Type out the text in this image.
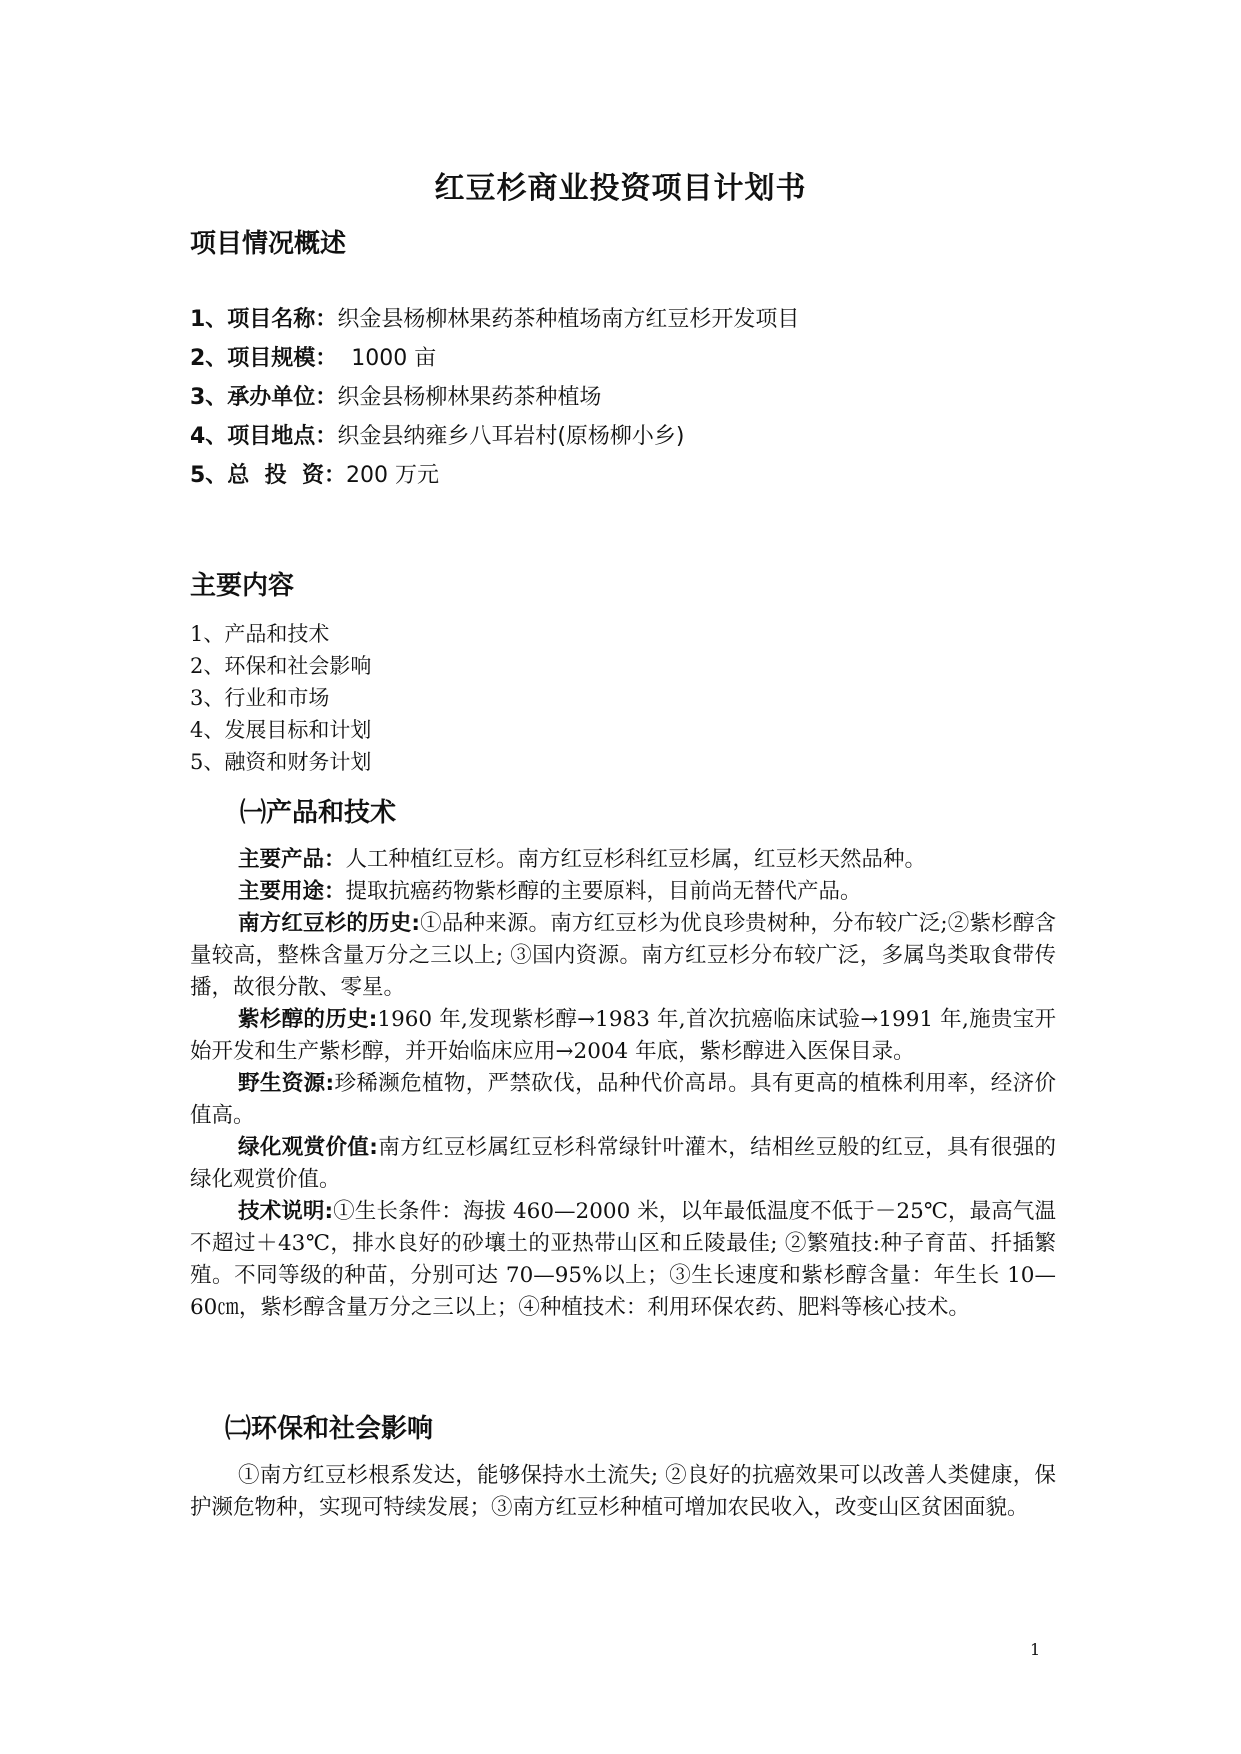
红豆杉商业投资项目计划书
项目情况概述
1、项目名称：织金县杨柳林果药茶种植场南方红豆杉开发项目
2、项目规模：  1000 亩
3、承办单位：织金县杨柳林果药茶种植场
4、项目地点：织金县纳雍乡八耳岩村(原杨柳小乡)
5、总  投  资：200 万元
主要内容
1、产品和技术
2、环保和社会影响
3、行业和市场
4、发展目标和计划
5、融资和财务计划
㈠产品和技术

主要产品：人工种植红豆杉。南方红豆杉科红豆杉属，红豆杉天然品种。

主要用途：提取抗癌药物紫杉醇的主要原料，目前尚无替代产品。

南方红豆杉的历史:①品种来源。南方红豆杉为优良珍贵树种，分布较广泛;②紫杉醇含量较高，整株含量万分之三以上; ③国内资源。南方红豆杉分布较广泛，多属鸟类取食带传播，故很分散、零星。

紫杉醇的历史:1960 年,发现紫杉醇→1983 年,首次抗癌临床试验→1991 年,施贵宝开始开发和生产紫杉醇，并开始临床应用→2004 年底，紫杉醇进入医保目录。

野生资源:珍稀濒危植物，严禁砍伐，品种代价高昂。具有更高的植株利用率，经济价值高。

绿化观赏价值:南方红豆杉属红豆杉科常绿针叶灌木，结相丝豆般的红豆，具有很强的绿化观赏价值。

技术说明:①生长条件：海拔 460—2000 米，以年最低温度不低于－25℃，最高气温不超过＋43℃，排水良好的砂壤土的亚热带山区和丘陵最佳; ②繁殖技:种子育苗、扦插繁殖。不同等级的种苗，分别可达 70—95%以上；③生长速度和紫杉醇含量：年生长 10—60㎝，紫杉醇含量万分之三以上；④种植技术：利用环保农药、肥料等核心技术。

㈡环保和社会影响

①南方红豆杉根系发达，能够保持水土流失; ②良好的抗癌效果可以改善人类健康，保护濒危物种，实现可特续发展；③南方红豆杉种植可增加农民收入，改变山区贫困面貌。

1
